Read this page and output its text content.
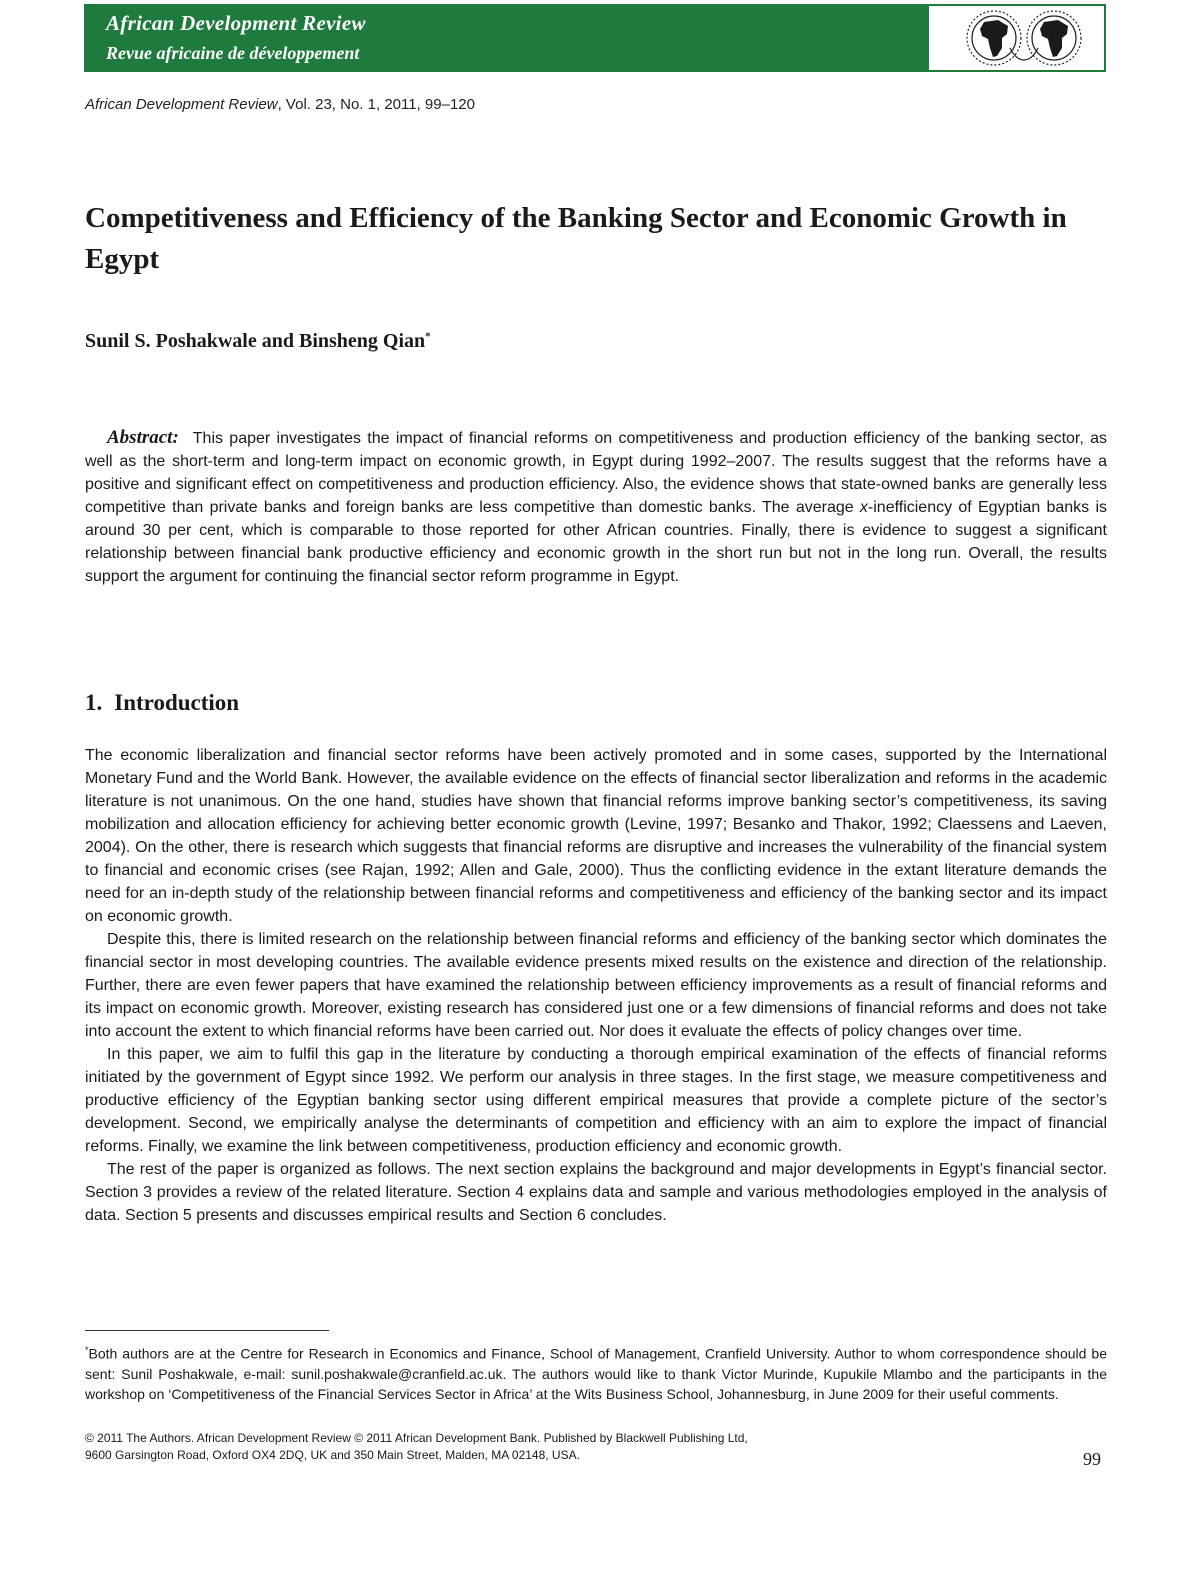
African Development Review
Revue africaine de développement
African Development Review, Vol. 23, No. 1, 2011, 99–120
Competitiveness and Efficiency of the Banking Sector and Economic Growth in Egypt
Sunil S. Poshakwale and Binsheng Qian*

Abstract: This paper investigates the impact of financial reforms on competitiveness and production efficiency of the banking sector, as well as the short-term and long-term impact on economic growth, in Egypt during 1992–2007. The results suggest that the reforms have a positive and significant effect on competitiveness and production efficiency. Also, the evidence shows that state-owned banks are generally less competitive than private banks and foreign banks are less competitive than domestic banks. The average x-inefficiency of Egyptian banks is around 30 per cent, which is comparable to those reported for other African countries. Finally, there is evidence to suggest a significant relationship between financial bank productive efficiency and economic growth in the short run but not in the long run. Overall, the results support the argument for continuing the financial sector reform programme in Egypt.

1. Introduction

The economic liberalization and financial sector reforms have been actively promoted and in some cases, supported by the International Monetary Fund and the World Bank. However, the available evidence on the effects of financial sector liberalization and reforms in the academic literature is not unanimous. On the one hand, studies have shown that financial reforms improve banking sector’s competitiveness, its saving mobilization and allocation efficiency for achieving better economic growth (Levine, 1997; Besanko and Thakor, 1992; Claessens and Laeven, 2004). On the other, there is research which suggests that financial reforms are disruptive and increases the vulnerability of the financial system to financial and economic crises (see Rajan, 1992; Allen and Gale, 2000). Thus the conflicting evidence in the extant literature demands the need for an in-depth study of the relationship between financial reforms and competitiveness and efficiency of the banking sector and its impact on economic growth.

Despite this, there is limited research on the relationship between financial reforms and efficiency of the banking sector which dominates the financial sector in most developing countries. The available evidence presents mixed results on the existence and direction of the relationship. Further, there are even fewer papers that have examined the relationship between efficiency improvements as a result of financial reforms and its impact on economic growth. Moreover, existing research has considered just one or a few dimensions of financial reforms and does not take into account the extent to which financial reforms have been carried out. Nor does it evaluate the effects of policy changes over time.

In this paper, we aim to fulfil this gap in the literature by conducting a thorough empirical examination of the effects of financial reforms initiated by the government of Egypt since 1992. We perform our analysis in three stages. In the first stage, we measure competitiveness and productive efficiency of the Egyptian banking sector using different empirical measures that provide a complete picture of the sector’s development. Second, we empirically analyse the determinants of competition and efficiency with an aim to explore the impact of financial reforms. Finally, we examine the link between competitiveness, production efficiency and economic growth.

The rest of the paper is organized as follows. The next section explains the background and major developments in Egypt’s financial sector. Section 3 provides a review of the related literature. Section 4 explains data and sample and various methodologies employed in the analysis of data. Section 5 presents and discusses empirical results and Section 6 concludes.

*Both authors are at the Centre for Research in Economics and Finance, School of Management, Cranfield University. Author to whom correspondence should be sent: Sunil Poshakwale, e-mail: sunil.poshakwale@cranfield.ac.uk. The authors would like to thank Victor Murinde, Kupukile Mlambo and the participants in the workshop on ‘Competitiveness of the Financial Services Sector in Africa’ at the Wits Business School, Johannesburg, in June 2009 for their useful comments.

© 2011 The Authors. African Development Review © 2011 African Development Bank. Published by Blackwell Publishing Ltd,
9600 Garsington Road, Oxford OX4 2DQ, UK and 350 Main Street, Malden, MA 02148, USA.	99
